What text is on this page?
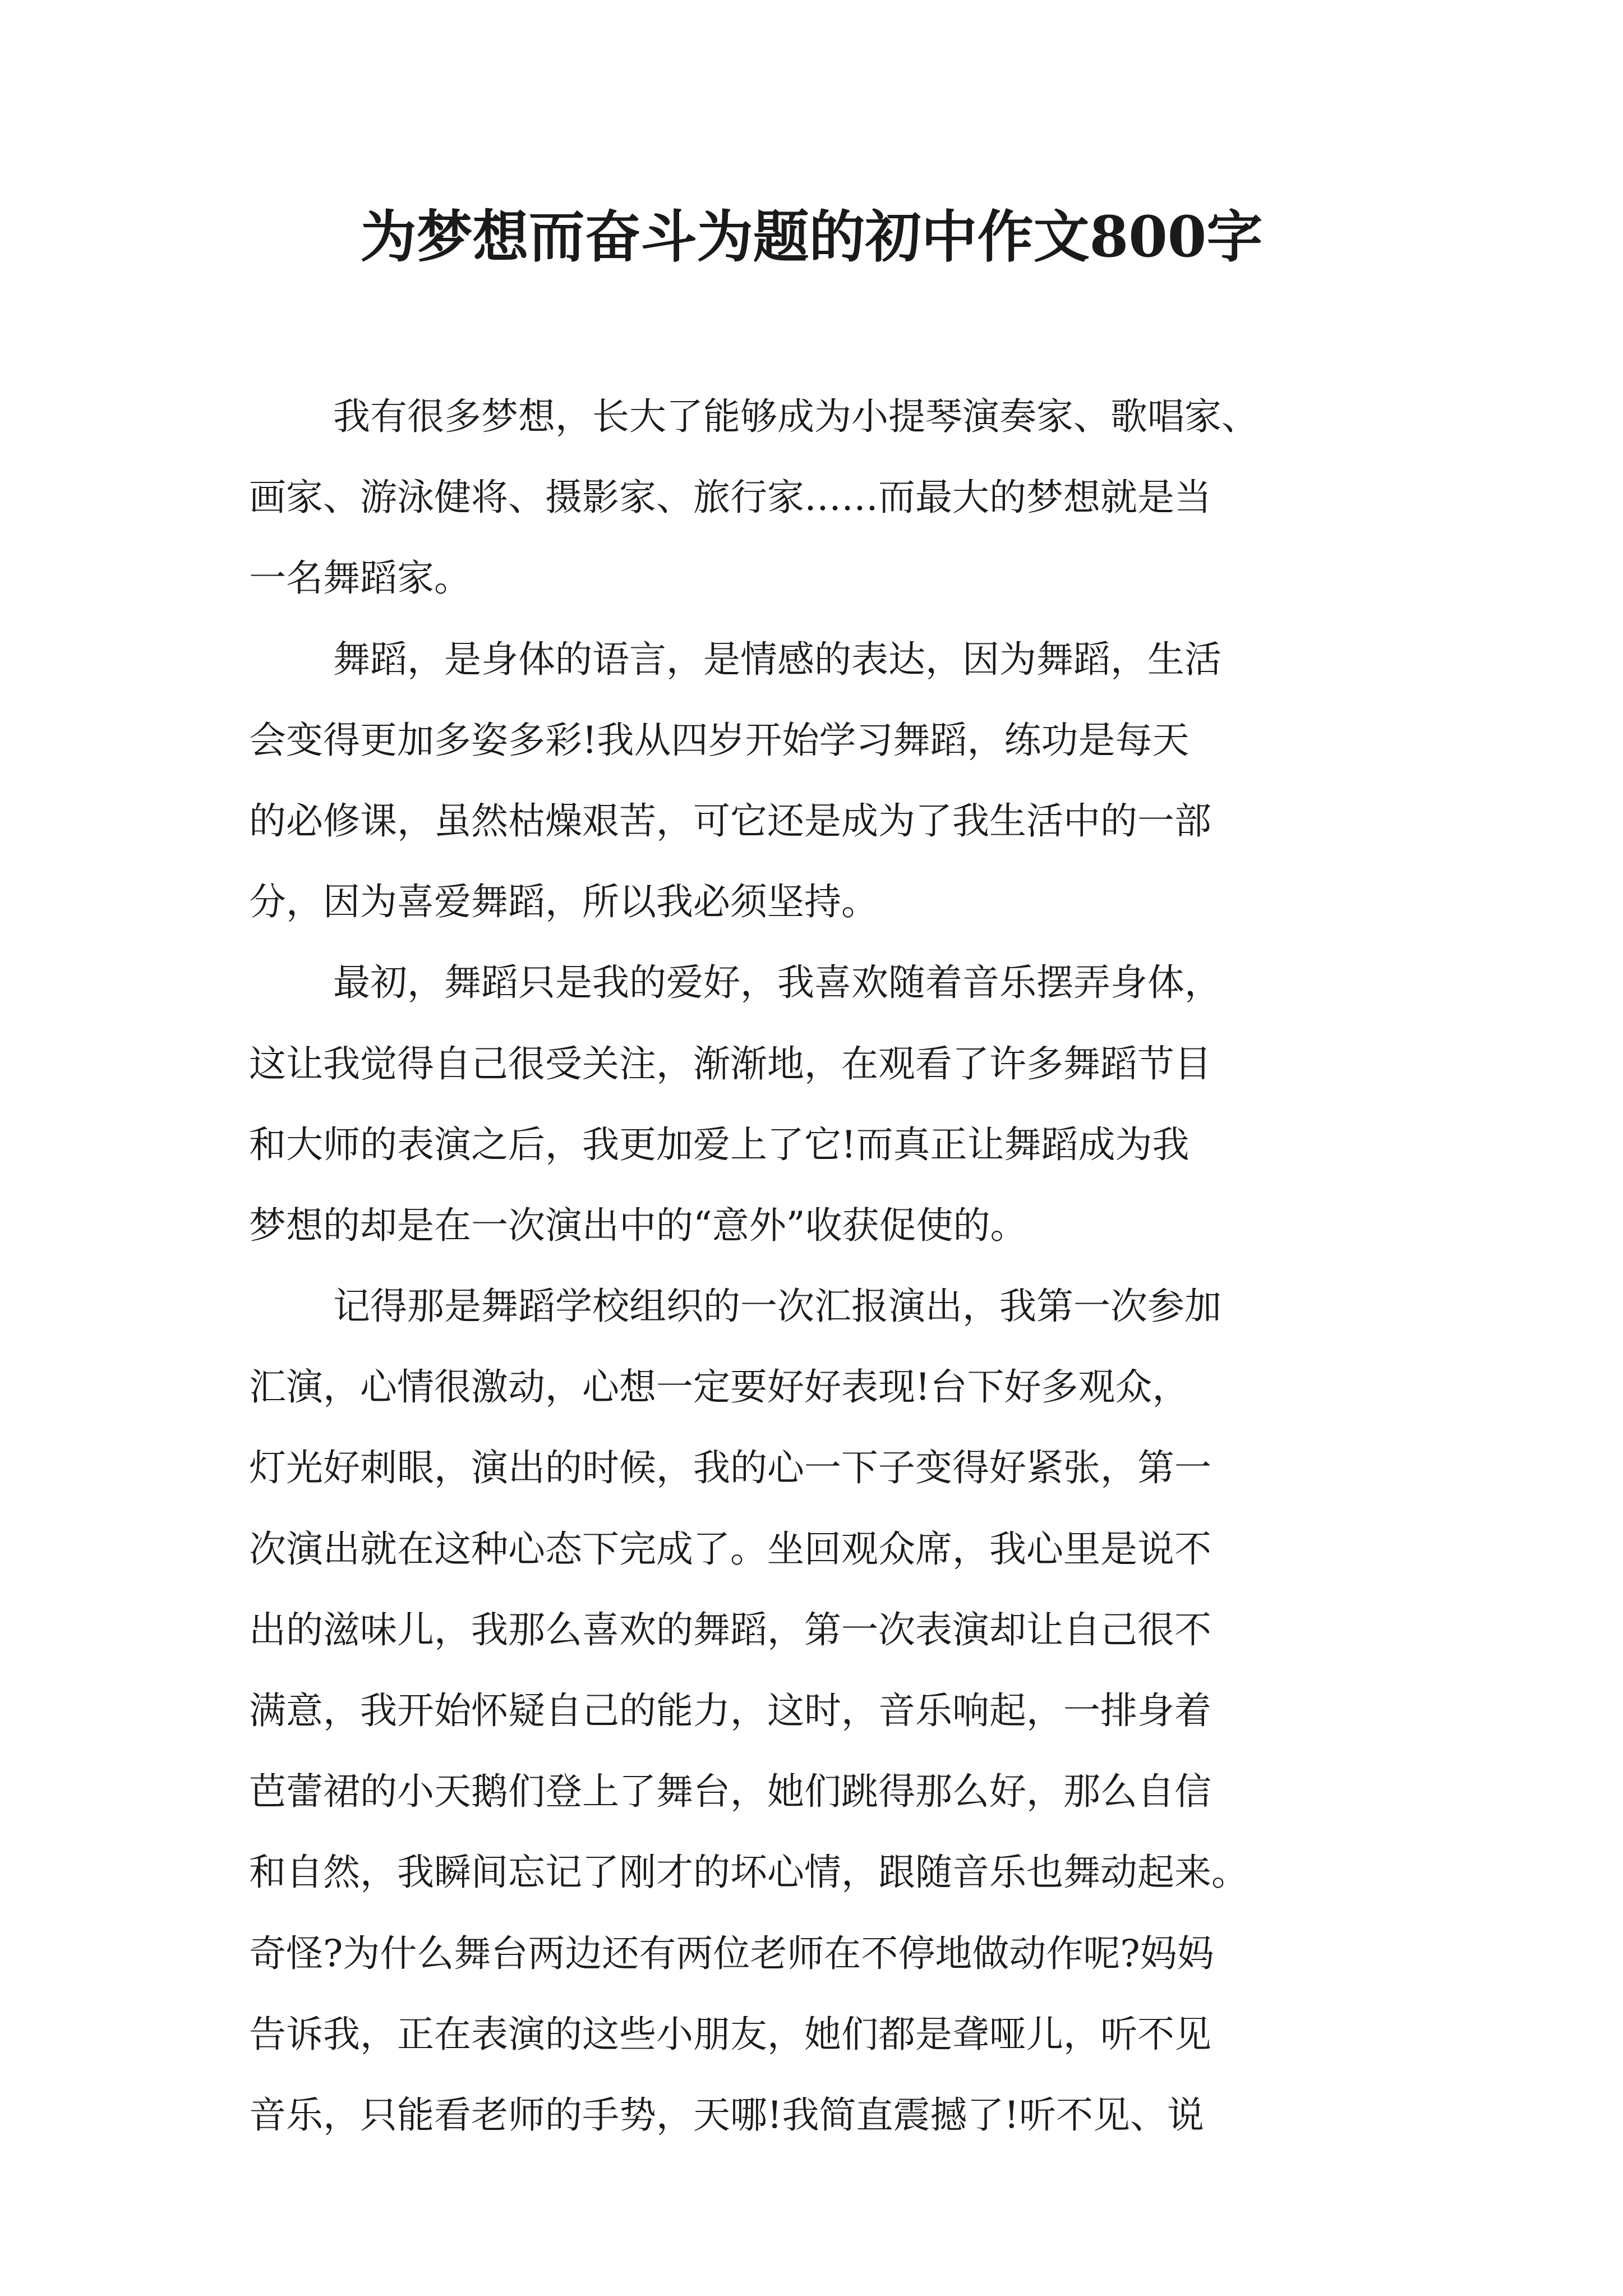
为梦想而奋斗为题的初中作文800字
我有很多梦想，长大了能够成为小提琴演奏家、歌唱家、
画家、游泳健将、摄影家、旅行家……而最大的梦想就是当
一名舞蹈家。
舞蹈，是身体的语言，是情感的表达，因为舞蹈，生活
会变得更加多姿多彩!我从四岁开始学习舞蹈，练功是每天
的必修课，虽然枯燥艰苦，可它还是成为了我生活中的一部
分，因为喜爱舞蹈，所以我必须坚持。
最初，舞蹈只是我的爱好，我喜欢随着音乐摆弄身体，
这让我觉得自己很受关注，渐渐地，在观看了许多舞蹈节目
和大师的表演之后，我更加爱上了它!而真正让舞蹈成为我
梦想的却是在一次演出中的“意外”收获促使的。
记得那是舞蹈学校组织的一次汇报演出，我第一次参加
汇演，心情很激动，心想一定要好好表现!台下好多观众，
灯光好刺眼，演出的时候，我的心一下子变得好紧张，第一
次演出就在这种心态下完成了。坐回观众席，我心里是说不
出的滋味儿，我那么喜欢的舞蹈，第一次表演却让自己很不
满意，我开始怀疑自己的能力，这时，音乐响起，一排身着
芭蕾裙的小天鹅们登上了舞台，她们跳得那么好，那么自信
和自然，我瞬间忘记了刚才的坏心情，跟随音乐也舞动起来。
奇怪?为什么舞台两边还有两位老师在不停地做动作呢?妈妈
告诉我，正在表演的这些小朋友，她们都是聋哑儿，听不见
音乐，只能看老师的手势，天哪!我简直震撼了!听不见、说
